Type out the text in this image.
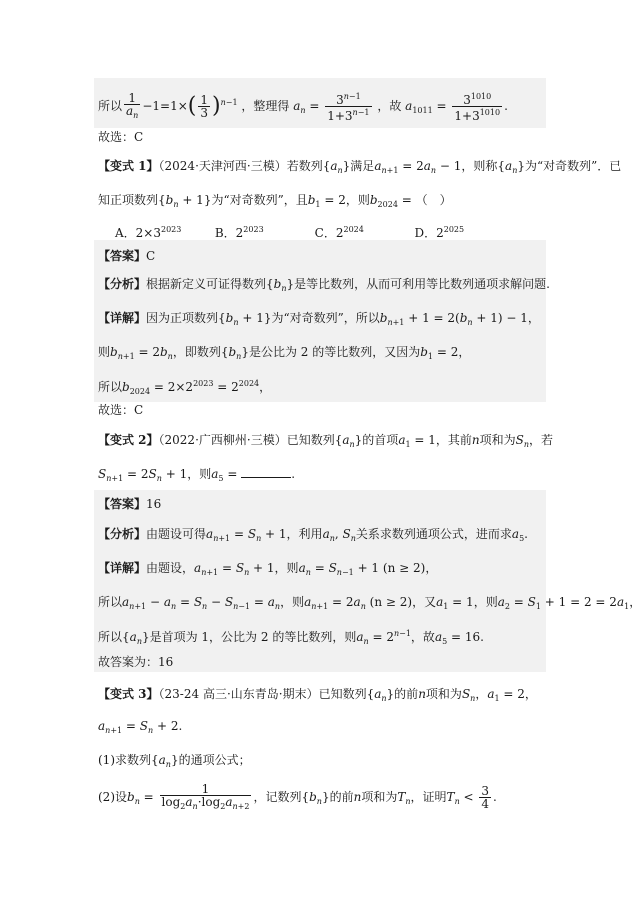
所以 $\frac{1}{a_n} -1=1\times( \frac{1}{3} )^{n-1}$ ，整理得 $a_n = \frac{3^{n-1}}{1+3^{n-1}}$ ，故 $a_{1011} = \frac{3^{1010}}{1+3^{1010}}$ .
故选：C
【变式 1】（2024·天津河西·三模）若数列$\{a_n\}$满足$a_{n+1} = 2a_n - 1$，则称$\{a_n\}$为“对奇数列”．已
知正项数列$\{b_n + 1\}$为“对奇数列”，且$b_1 = 2$，则$b_{2024}$ = （　）
A．$2\times 3^{2023}$	B．$2^{2023}$	C．$2^{2024}$	D．$2^{2025}$
【答案】C
【分析】根据新定义可证得数列$\{b_n\}$是等比数列，从而可利用等比数列通项求解问题.
【详解】因为正项数列$\{b_n + 1\}$为“对奇数列”，所以$b_{n+1} + 1 = 2(b_n + 1) - 1$，
则$b_{n+1} = 2b_n$，即数列$\{b_n\}$是公比为 2 的等比数列，又因为$b_1 = 2$，
所以$b_{2024} = 2\times 2^{2023} = 2^{2024}$，
故选：C
【变式 2】（2022·广西柳州·三模）已知数列$\{a_n\}$的首项$a_1 = 1$，其前n项和为$S_n$，若
$S_{n+1} = 2S_n + 1$，则$a_5$ =	.
【答案】16
【分析】由题设可得$a_{n+1} = S_n + 1$，利用$a_n$, $S_n$关系求数列通项公式，进而求$a_5$.
【详解】由题设，$a_{n+1} = S_n + 1$，则$a_n = S_{n-1} + 1$ (n ≥ 2)，
所以$a_{n+1} - a_n = S_n - S_{n-1} = a_n$，则$a_{n+1} = 2a_n$ (n ≥ 2)，又$a_1 = 1$，则$a_2 = S_1 + 1 = 2 = 2a_1$，
所以$\{a_n\}$是首项为 1，公比为 2 的等比数列，则$a_n = 2^{n-1}$，故$a_5 = 16$.
故答案为：16
【变式 3】（23-24 高三·山东青岛·期末）已知数列$\{a_n\}$的前n项和为$S_n$，$a_1 = 2$，
$a_{n+1} = S_n + 2$.
(1)求数列$\{a_n\}$的通项公式；
(2)设$b_n = \frac{1}{\log_2a_n\cdot\log_2a_{n+2}}$ ，记数列$\{b_n\}$的前n项和为$T_n$，证明$T_n < \frac{3}{4}$ .
